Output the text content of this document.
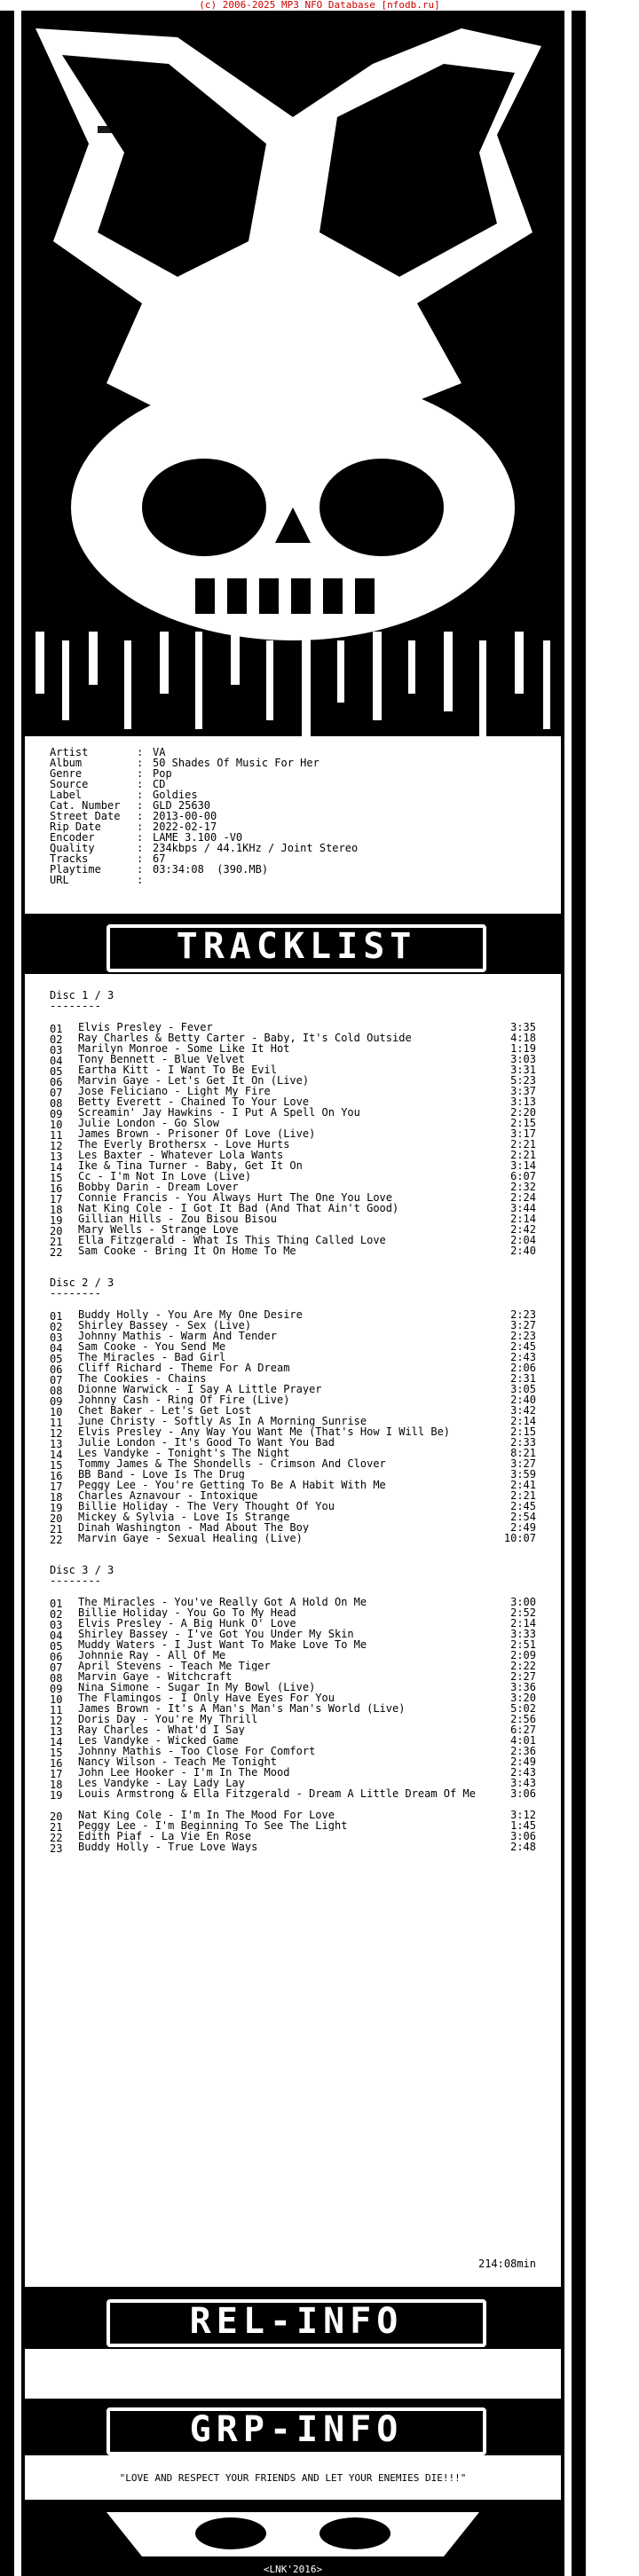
(c) 2006-2025 MP3 NFO Database [nfodb.ru]
Artist	: VA
Album	: 50 Shades Of Music For Her
Genre	: Pop
Source	: CD
Label	: Goldies
Cat. Number : GLD 25630
Street Date : 2013-00-00
Rip Date	: 2022-02-17
Encoder	: LAME 3.100 -V0
Quality	: 234kbps / 44.1KHz / Joint Stereo
Tracks	: 67
Playtime	: 03:34:08  (390.MB)
URL	:
TRACKLIST
Disc 1 / 3
--------
01 Elvis Presley - Fever	3:35
02 Ray Charles & Betty Carter - Baby, It's Cold Outside	4:18
03 Marilyn Monroe - Some Like It Hot	1:19
04 Tony Bennett - Blue Velvet	3:03
05 Eartha Kitt - I Want To Be Evil	3:31
06 Marvin Gaye - Let's Get It On (Live)	5:23
07 Jose Feliciano - Light My Fire	3:37
08 Betty Everett - Chained To Your Love	3:13
09 Screamin' Jay Hawkins - I Put A Spell On You	2:20
10 Julie London - Go Slow	2:15
11 James Brown - Prisoner Of Love (Live)	3:17
12 The Everly Brothersx - Love Hurts	2:21
13 Les Baxter - Whatever Lola Wants	2:21
14 Ike & Tina Turner - Baby, Get It On	3:14
15 Cc - I'm Not In Love (Live)	6:07
16 Bobby Darin - Dream Lover	2:32
17 Connie Francis - You Always Hurt The One You Love	2:24
18 Nat King Cole - I Got It Bad (And That Ain't Good)	3:44
19 Gillian Hills - Zou Bisou Bisou	2:14
20 Mary Wells - Strange Love	2:42
21 Ella Fitzgerald - What Is This Thing Called Love	2:04
22 Sam Cooke - Bring It On Home To Me	2:40
Disc 2 / 3
--------
01 Buddy Holly - You Are My One Desire	2:23
02 Shirley Bassey - Sex (Live)	3:27
03 Johnny Mathis - Warm And Tender	2:23
04 Sam Cooke - You Send Me	2:45
05 The Miracles - Bad Girl	2:43
06 Cliff Richard - Theme For A Dream	2:06
07 The Cookies - Chains	2:31
08 Dionne Warwick - I Say A Little Prayer	3:05
09 Johnny Cash - Ring Of Fire (Live)	2:40
10 Chet Baker - Let's Get Lost	3:42
11 June Christy - Softly As In A Morning Sunrise	2:14
12 Elvis Presley - Any Way You Want Me (That's How I Will Be)	2:15
13 Julie London - It's Good To Want You Bad	2:33
14 Les Vandyke - Tonight's The Night	8:21
15 Tommy James & The Shondells - Crimson And Clover	3:27
16 BB Band - Love Is The Drug	3:59
17 Peggy Lee - You're Getting To Be A Habit With Me	2:41
18 Charles Aznavour - Intoxique	2:21
19 Billie Holiday - The Very Thought Of You	2:45
20 Mickey & Sylvia - Love Is Strange	2:54
21 Dinah Washington - Mad About The Boy	2:49
22 Marvin Gaye - Sexual Healing (Live)	10:07
Disc 3 / 3
--------
01 The Miracles - You've Really Got A Hold On Me	3:00
02 Billie Holiday - You Go To My Head	2:52
03 Elvis Presley - A Big Hunk O' Love	2:14
04 Shirley Bassey - I've Got You Under My Skin	3:33
05 Muddy Waters - I Just Want To Make Love To Me	2:51
06 Johnnie Ray - All Of Me	2:09
07 April Stevens - Teach Me Tiger	2:22
08 Marvin Gaye - Witchcraft	2:27
09 Nina Simone - Sugar In My Bowl (Live)	3:36
10 The Flamingos - I Only Have Eyes For You	3:20
11 James Brown - It's A Man's Man's Man's World (Live)	5:02
12 Doris Day - You're My Thrill	2:56
13 Ray Charles - What'd I Say	6:27
14 Les Vandyke - Wicked Game	4:01
15 Johnny Mathis - Too Close For Comfort	2:36
16 Nancy Wilson - Teach Me Tonight	2:49
17 John Lee Hooker - I'm In The Mood	2:43
18 Les Vandyke - Lay Lady Lay	3:43
19 Louis Armstrong & Ella Fitzgerald - Dream A Little Dream Of Me	3:06
20 Nat King Cole - I'm In The Mood For Love	3:12
21 Peggy Lee - I'm Beginning To See The Light	1:45
22 Edith Piaf - La Vie En Rose	3:06
23 Buddy Holly - True Love Ways	2:48
214:08min
REL-INFO
GRP-INFO
"LOVE AND RESPECT YOUR FRIENDS AND LET YOUR ENEMIES DIE!!!"
<LNK'2016>
